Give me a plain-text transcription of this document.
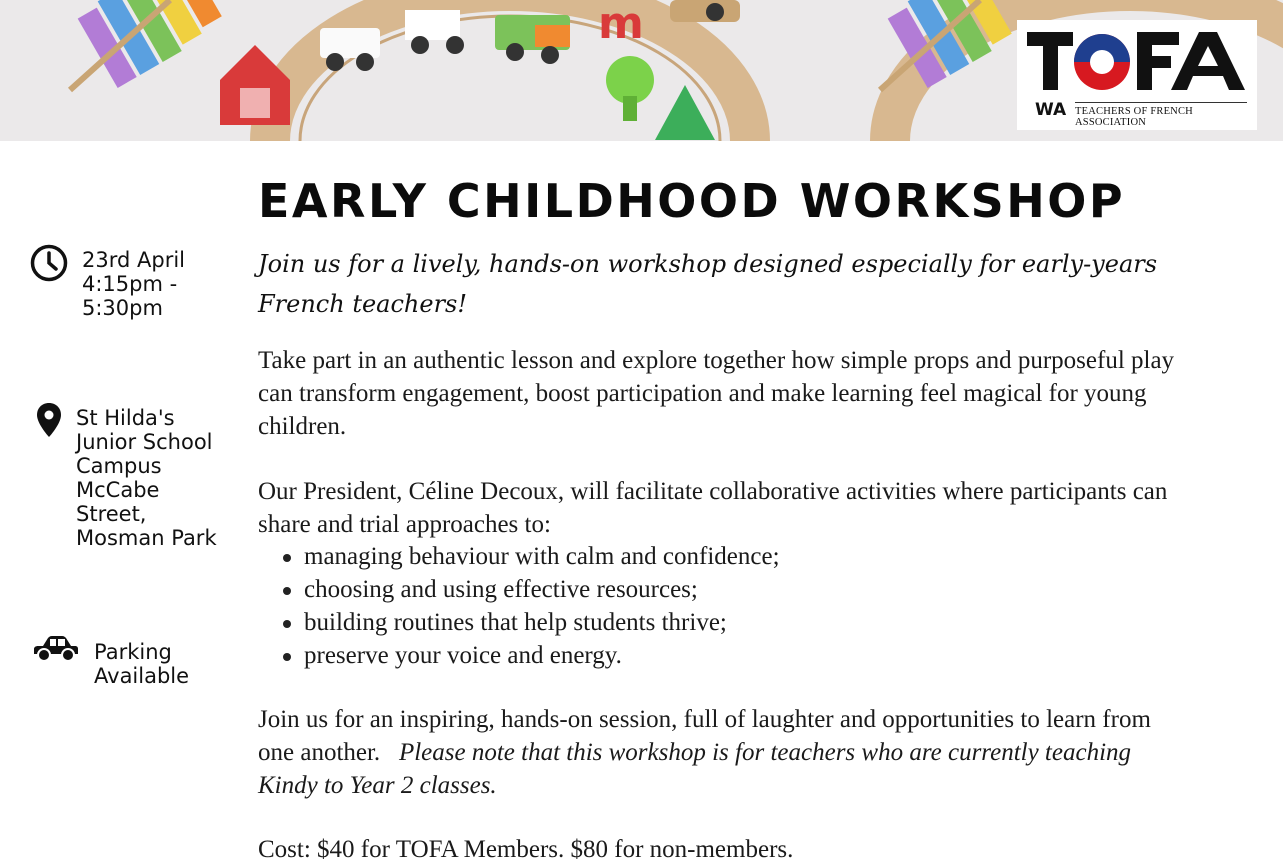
m
WA TEACHERS OF FRENCH ASSOCIATION
23rd April
4:15pm -
5:30pm
St Hilda's
Junior School
Campus
McCabe
Street,
Mosman Park
Parking
Available
EARLY CHILDHOOD WORKSHOP
Join us for a lively, hands-on workshop designed especially for early-years French teachers!
Take part in an authentic lesson and explore together how simple props and purposeful play can transform engagement, boost participation and make learning feel magical for young children.
Our President, Céline Decoux, will facilitate collaborative activities where participants can share and trial approaches to:
managing behaviour with calm and confidence;
choosing and using effective resources;
building routines that help students thrive;
preserve your voice and energy.
Join us for an inspiring, hands-on session, full of laughter and opportunities to learn from one another. Please note that this workshop is for teachers who are currently teaching Kindy to Year 2 classes.
Cost: $40 for TOFA Members. $80 for non-members.
